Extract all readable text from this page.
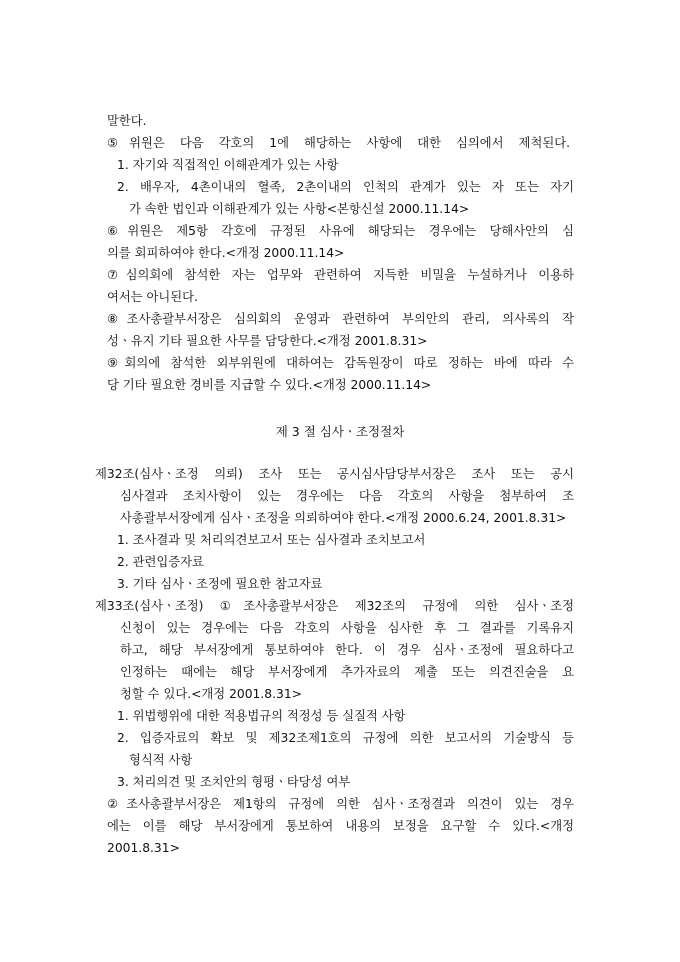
말한다.
⑤위원은 다음 각호의 1에 해당하는 사항에 대한 심의에서 제척된다.
1. 자기와 직접적인 이해관계가 있는 사항
2. 배우자, 4촌이내의 혈족, 2촌이내의 인척의 관계가 있는 자 또는 자기
가 속한 법인과 이해관계가 있는 사항<본항신설 2000.11.14>
⑥위원은 제5항 각호에 규정된 사유에 해당되는 경우에는 당해사안의 심
의를 회피하여야 한다.<개정 2000.11.14>
⑦심의회에 참석한 자는 업무와 관련하여 지득한 비밀을 누설하거나 이용하
여서는 아니된다.
⑧조사총괄부서장은 심의회의 운영과 관련하여 부의안의 관리, 의사록의 작
성ㆍ유지 기타 필요한 사무를 담당한다.<개정 2001.8.31>
⑨회의에 참석한 외부위원에 대하여는 감독원장이 따로 정하는 바에 따라 수
당 기타 필요한 경비를 지급할 수 있다.<개정 2000.11.14>
제 3 절 심사ㆍ조정절차
제32조(심사ㆍ조정 의뢰) 조사 또는 공시심사담당부서장은 조사 또는 공시
심사결과 조치사항이 있는 경우에는 다음 각호의 사항을 첨부하여 조
사총괄부서장에게 심사ㆍ조정을 의뢰하여야 한다.<개정 2000.6.24, 2001.8.31>
1. 조사결과 및 처리의견보고서 또는 심사결과 조치보고서
2. 관련입증자료
3. 기타 심사ㆍ조정에 필요한 참고자료
제33조(심사ㆍ조정) ①조사총괄부서장은 제32조의 규정에 의한 심사ㆍ조정
신청이 있는 경우에는 다음 각호의 사항을 심사한 후 그 결과를 기록유지
하고, 해당 부서장에게 통보하여야 한다. 이 경우 심사ㆍ조정에 필요하다고
인정하는 때에는 해당 부서장에게 추가자료의 제출 또는 의견진술을 요
청할 수 있다.<개정 2001.8.31>
1. 위법행위에 대한 적용법규의 적정성 등 실질적 사항
2. 입증자료의 확보 및 제32조제1호의 규정에 의한 보고서의 기술방식 등
형식적 사항
3. 처리의견 및 조치안의 형평ㆍ타당성 여부
②조사총괄부서장은 제1항의 규정에 의한 심사ㆍ조정결과 의견이 있는 경우
에는 이를 해당 부서장에게 통보하여 내용의 보정을 요구할 수 있다.<개정
2001.8.31>
